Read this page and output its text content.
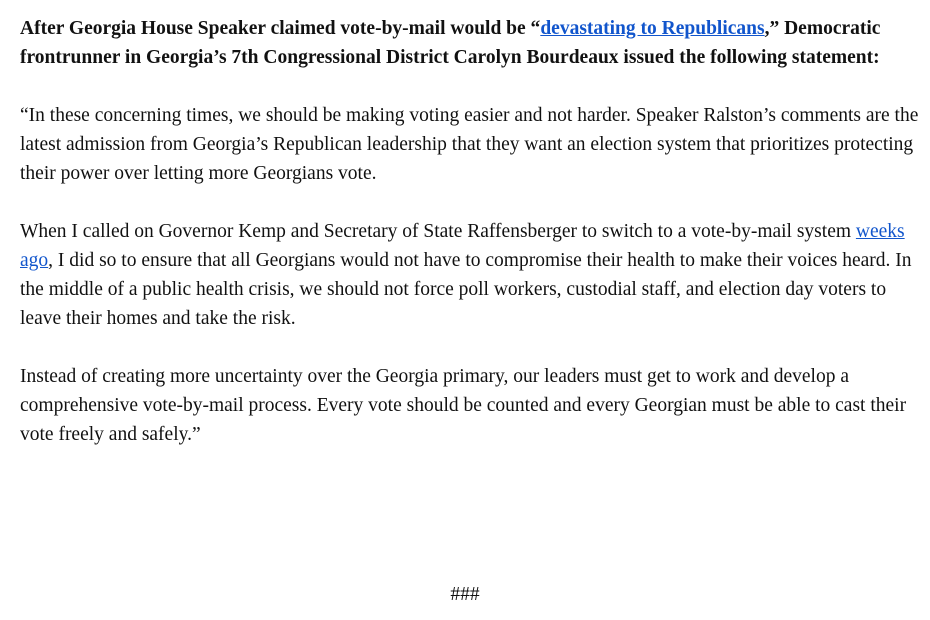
After Georgia House Speaker claimed vote-by-mail would be “devastating to Republicans,” Democratic frontrunner in Georgia’s 7th Congressional District Carolyn Bourdeaux issued the following statement:

“In these concerning times, we should be making voting easier and not harder. Speaker Ralston’s comments are the latest admission from Georgia’s Republican leadership that they want an election system that prioritizes protecting their power over letting more Georgians vote.

When I called on Governor Kemp and Secretary of State Raffensberger to switch to a vote-by-mail system weeks ago, I did so to ensure that all Georgians would not have to compromise their health to make their voices heard. In the middle of a public health crisis, we should not force poll workers, custodial staff, and election day voters to leave their homes and take the risk.

Instead of creating more uncertainty over the Georgia primary, our leaders must get to work and develop a comprehensive vote-by-mail process. Every vote should be counted and every Georgian must be able to cast their vote freely and safely.”

###
